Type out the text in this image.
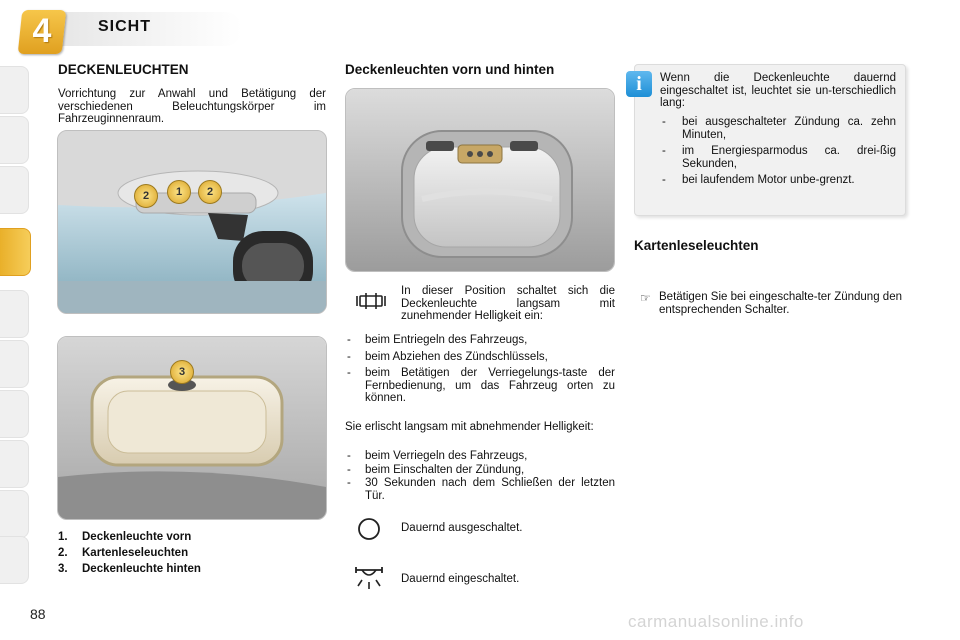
4	SICHT
DECKENLEUCHTEN
Vorrichtung zur Anwahl und Betätigung der verschiedenen Beleuchtungskörper im Fahrzeuginnenraum.
2	1	2
3
1. Deckenleuchte vorn
2. Kartenleseleuchten
3. Deckenleuchte hinten
Deckenleuchten vorn und hinten
In dieser Position schaltet sich die Deckenleuchte langsam mit zunehmender Helligkeit ein:
- beim Entriegeln des Fahrzeugs,
- beim Abziehen des Zündschlüssels,
- beim Betätigen der Verriegelungs-taste der Fernbedienung, um das Fahrzeug orten zu können.
Sie erlischt langsam mit abnehmender Helligkeit:
- beim Verriegeln des Fahrzeugs,
- beim Einschalten der Zündung,
- 30 Sekunden nach dem Schließen der letzten Tür.
Dauernd ausgeschaltet.
Dauernd eingeschaltet.
i	Wenn die Deckenleuchte dauernd eingeschaltet ist, leuchtet sie un-terschiedlich lang:
- bei ausgeschalteter Zündung ca. zehn Minuten,
- im Energiesparmodus ca. drei-ßig Sekunden,
- bei laufendem Motor unbe-grenzt.
Kartenleseleuchten
☞ Betätigen Sie bei eingeschalte-ter Zündung den entsprechenden Schalter.
88	carmanualsonline.info
